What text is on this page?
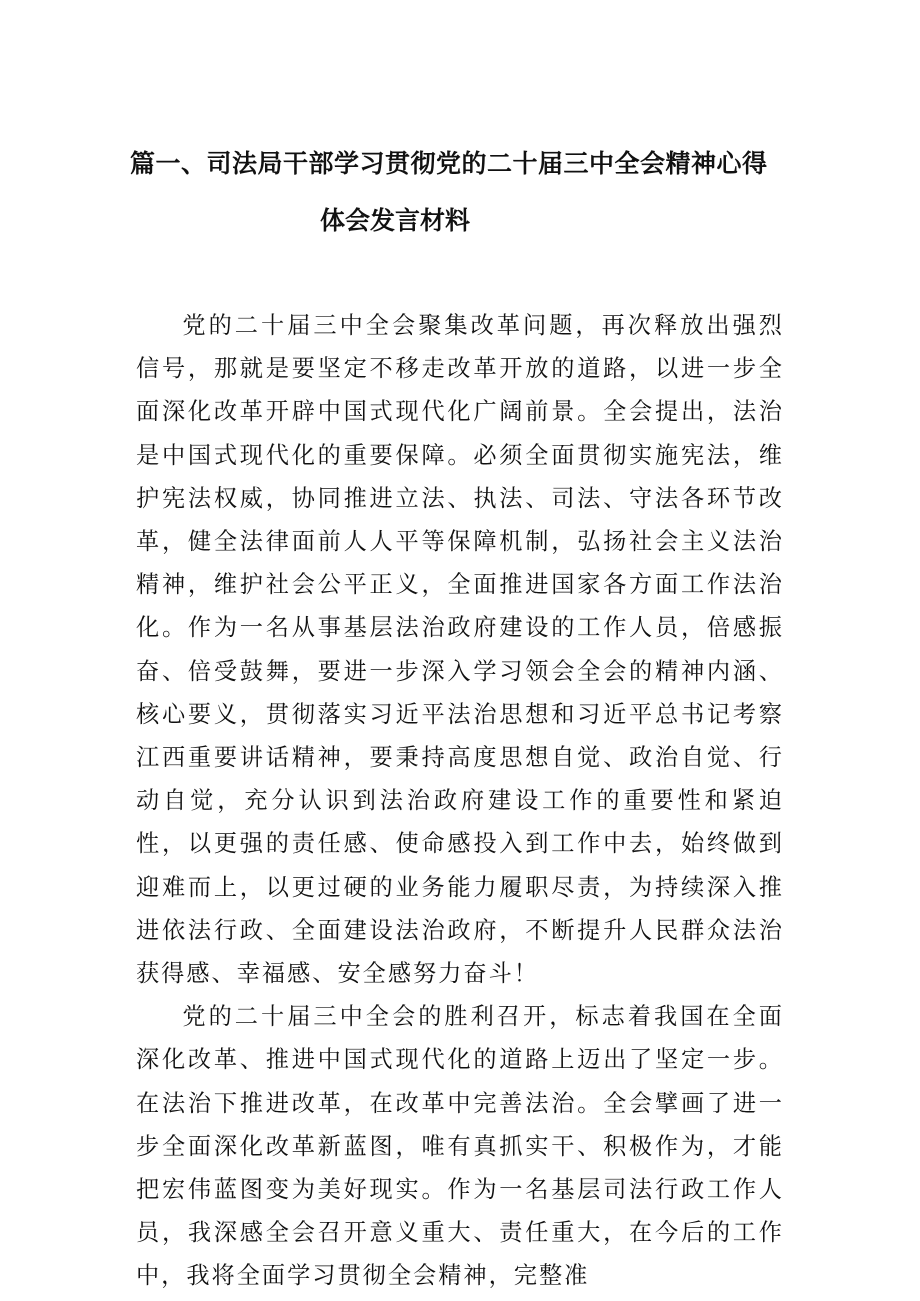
篇一、司法局干部学习贯彻党的二十届三中全会精神心得
体会发言材料

党的二十届三中全会聚集改革问题，再次释放出强烈信号，那就是要坚定不移走改革开放的道路，以进一步全面深化改革开辟中国式现代化广阔前景。全会提出，法治是中国式现代化的重要保障。必须全面贯彻实施宪法，维护宪法权威，协同推进立法、执法、司法、守法各环节改革，健全法律面前人人平等保障机制，弘扬社会主义法治精神，维护社会公平正义，全面推进国家各方面工作法治化。作为一名从事基层法治政府建设的工作人员，倍感振奋、倍受鼓舞，要进一步深入学习领会全会的精神内涵、核心要义，贯彻落实习近平法治思想和习近平总书记考察江西重要讲话精神，要秉持高度思想自觉、政治自觉、行动自觉，充分认识到法治政府建设工作的重要性和紧迫性，以更强的责任感、使命感投入到工作中去，始终做到迎难而上，以更过硬的业务能力履职尽责，为持续深入推进依法行政、全面建设法治政府，不断提升人民群众法治获得感、幸福感、安全感努力奋斗！

党的二十届三中全会的胜利召开，标志着我国在全面深化改革、推进中国式现代化的道路上迈出了坚定一步。在法治下推进改革，在改革中完善法治。全会擘画了进一步全面深化改革新蓝图，唯有真抓实干、积极作为，才能把宏伟蓝图变为美好现实。作为一名基层司法行政工作人员，我深感全会召开意义重大、责任重大，在今后的工作中，我将全面学习贯彻全会精神，完整准
